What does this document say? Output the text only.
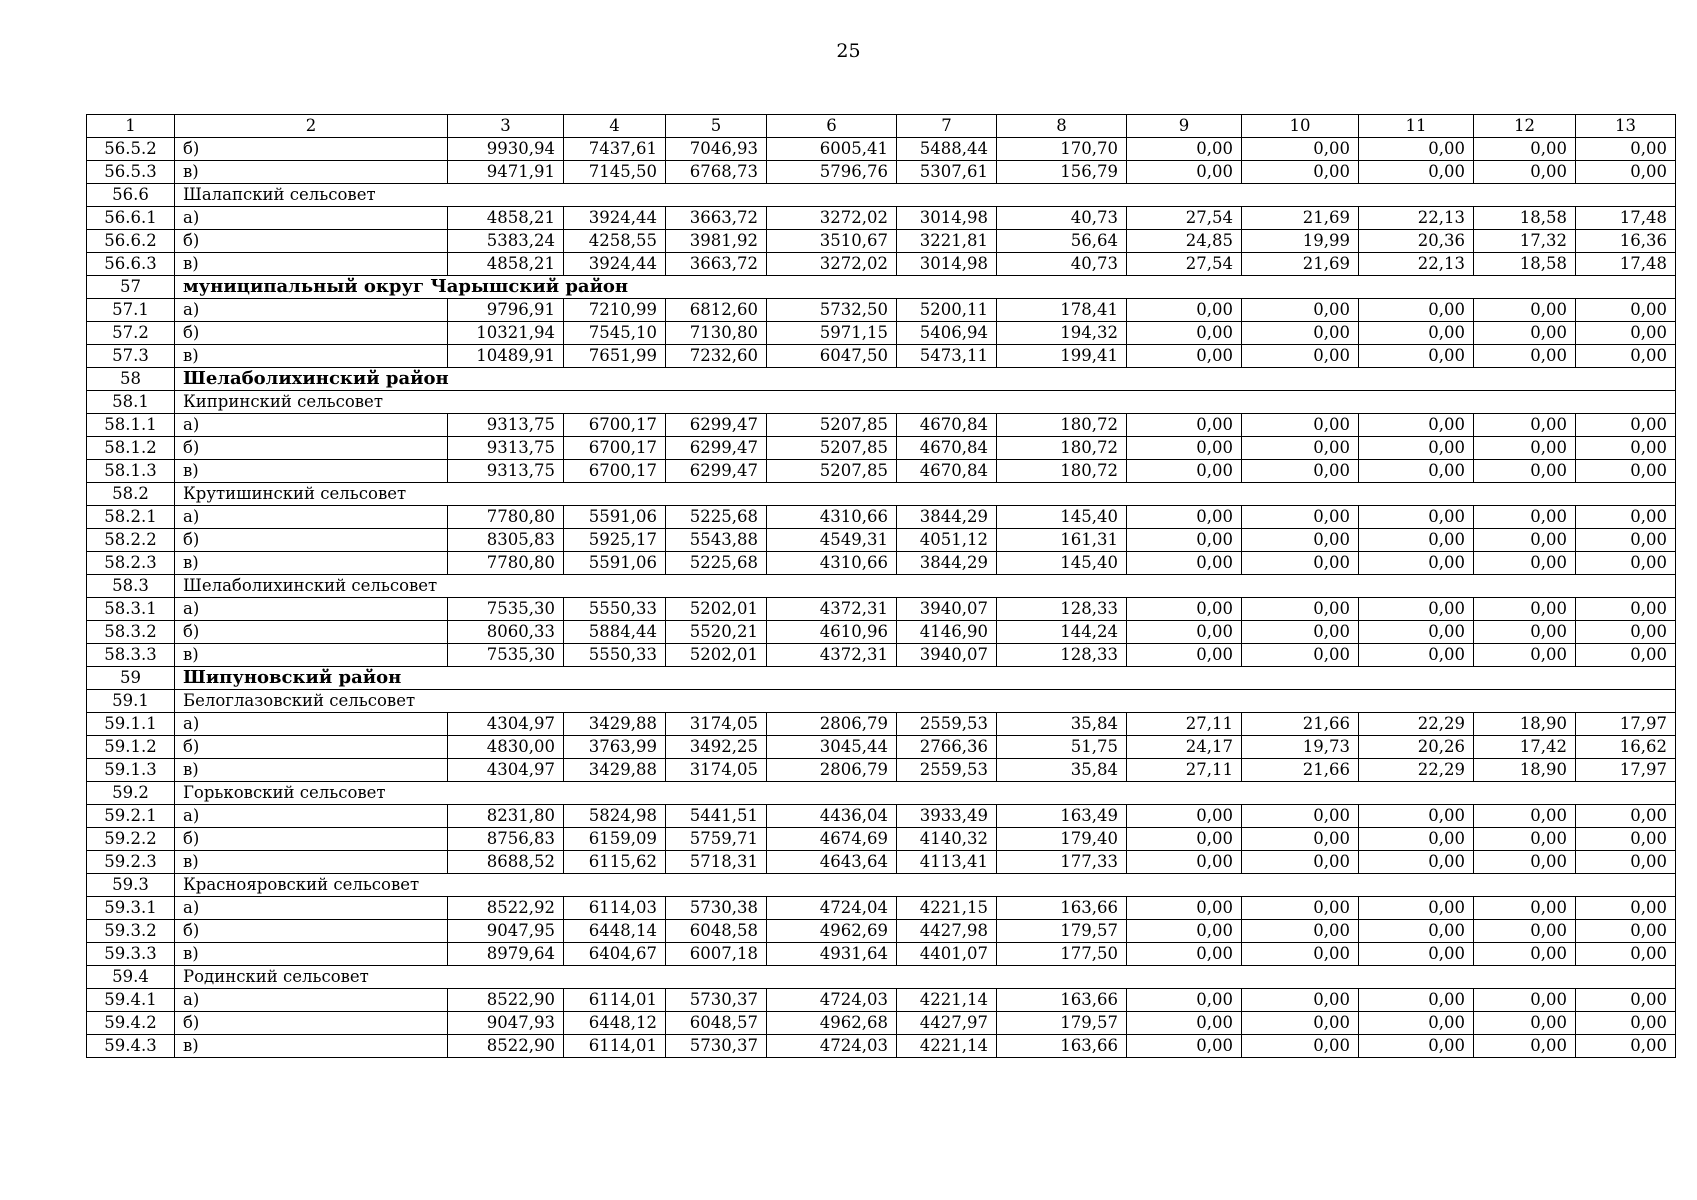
25
1	2	3	4	5	6	7	8	9	10	11	12	13
56.5.2	б)	9930,94	7437,61	7046,93	6005,41	5488,44	170,70	0,00	0,00	0,00	0,00	0,00
56.5.3	в)	9471,91	7145,50	6768,73	5796,76	5307,61	156,79	0,00	0,00	0,00	0,00	0,00
56.6	Шалапский сельсовет											
56.6.1	а)	4858,21	3924,44	3663,72	3272,02	3014,98	40,73	27,54	21,69	22,13	18,58	17,48
56.6.2	б)	5383,24	4258,55	3981,92	3510,67	3221,81	56,64	24,85	19,99	20,36	17,32	16,36
56.6.3	в)	4858,21	3924,44	3663,72	3272,02	3014,98	40,73	27,54	21,69	22,13	18,58	17,48
57	муниципальный округ Чарышский район											
57.1	а)	9796,91	7210,99	6812,60	5732,50	5200,11	178,41	0,00	0,00	0,00	0,00	0,00
57.2	б)	10321,94	7545,10	7130,80	5971,15	5406,94	194,32	0,00	0,00	0,00	0,00	0,00
57.3	в)	10489,91	7651,99	7232,60	6047,50	5473,11	199,41	0,00	0,00	0,00	0,00	0,00
58	Шелаболихинский район											
58.1	Кипринский сельсовет											
58.1.1	а)	9313,75	6700,17	6299,47	5207,85	4670,84	180,72	0,00	0,00	0,00	0,00	0,00
58.1.2	б)	9313,75	6700,17	6299,47	5207,85	4670,84	180,72	0,00	0,00	0,00	0,00	0,00
58.1.3	в)	9313,75	6700,17	6299,47	5207,85	4670,84	180,72	0,00	0,00	0,00	0,00	0,00
58.2	Крутишинский сельсовет											
58.2.1	а)	7780,80	5591,06	5225,68	4310,66	3844,29	145,40	0,00	0,00	0,00	0,00	0,00
58.2.2	б)	8305,83	5925,17	5543,88	4549,31	4051,12	161,31	0,00	0,00	0,00	0,00	0,00
58.2.3	в)	7780,80	5591,06	5225,68	4310,66	3844,29	145,40	0,00	0,00	0,00	0,00	0,00
58.3	Шелаболихинский сельсовет											
58.3.1	а)	7535,30	5550,33	5202,01	4372,31	3940,07	128,33	0,00	0,00	0,00	0,00	0,00
58.3.2	б)	8060,33	5884,44	5520,21	4610,96	4146,90	144,24	0,00	0,00	0,00	0,00	0,00
58.3.3	в)	7535,30	5550,33	5202,01	4372,31	3940,07	128,33	0,00	0,00	0,00	0,00	0,00
59	Шипуновский район											
59.1	Белоглазовский сельсовет											
59.1.1	а)	4304,97	3429,88	3174,05	2806,79	2559,53	35,84	27,11	21,66	22,29	18,90	17,97
59.1.2	б)	4830,00	3763,99	3492,25	3045,44	2766,36	51,75	24,17	19,73	20,26	17,42	16,62
59.1.3	в)	4304,97	3429,88	3174,05	2806,79	2559,53	35,84	27,11	21,66	22,29	18,90	17,97
59.2	Горьковский сельсовет											
59.2.1	а)	8231,80	5824,98	5441,51	4436,04	3933,49	163,49	0,00	0,00	0,00	0,00	0,00
59.2.2	б)	8756,83	6159,09	5759,71	4674,69	4140,32	179,40	0,00	0,00	0,00	0,00	0,00
59.2.3	в)	8688,52	6115,62	5718,31	4643,64	4113,41	177,33	0,00	0,00	0,00	0,00	0,00
59.3	Краснояровский сельсовет											
59.3.1	а)	8522,92	6114,03	5730,38	4724,04	4221,15	163,66	0,00	0,00	0,00	0,00	0,00
59.3.2	б)	9047,95	6448,14	6048,58	4962,69	4427,98	179,57	0,00	0,00	0,00	0,00	0,00
59.3.3	в)	8979,64	6404,67	6007,18	4931,64	4401,07	177,50	0,00	0,00	0,00	0,00	0,00
59.4	Родинский сельсовет											
59.4.1	а)	8522,90	6114,01	5730,37	4724,03	4221,14	163,66	0,00	0,00	0,00	0,00	0,00
59.4.2	б)	9047,93	6448,12	6048,57	4962,68	4427,97	179,57	0,00	0,00	0,00	0,00	0,00
59.4.3	в)	8522,90	6114,01	5730,37	4724,03	4221,14	163,66	0,00	0,00	0,00	0,00	0,00
